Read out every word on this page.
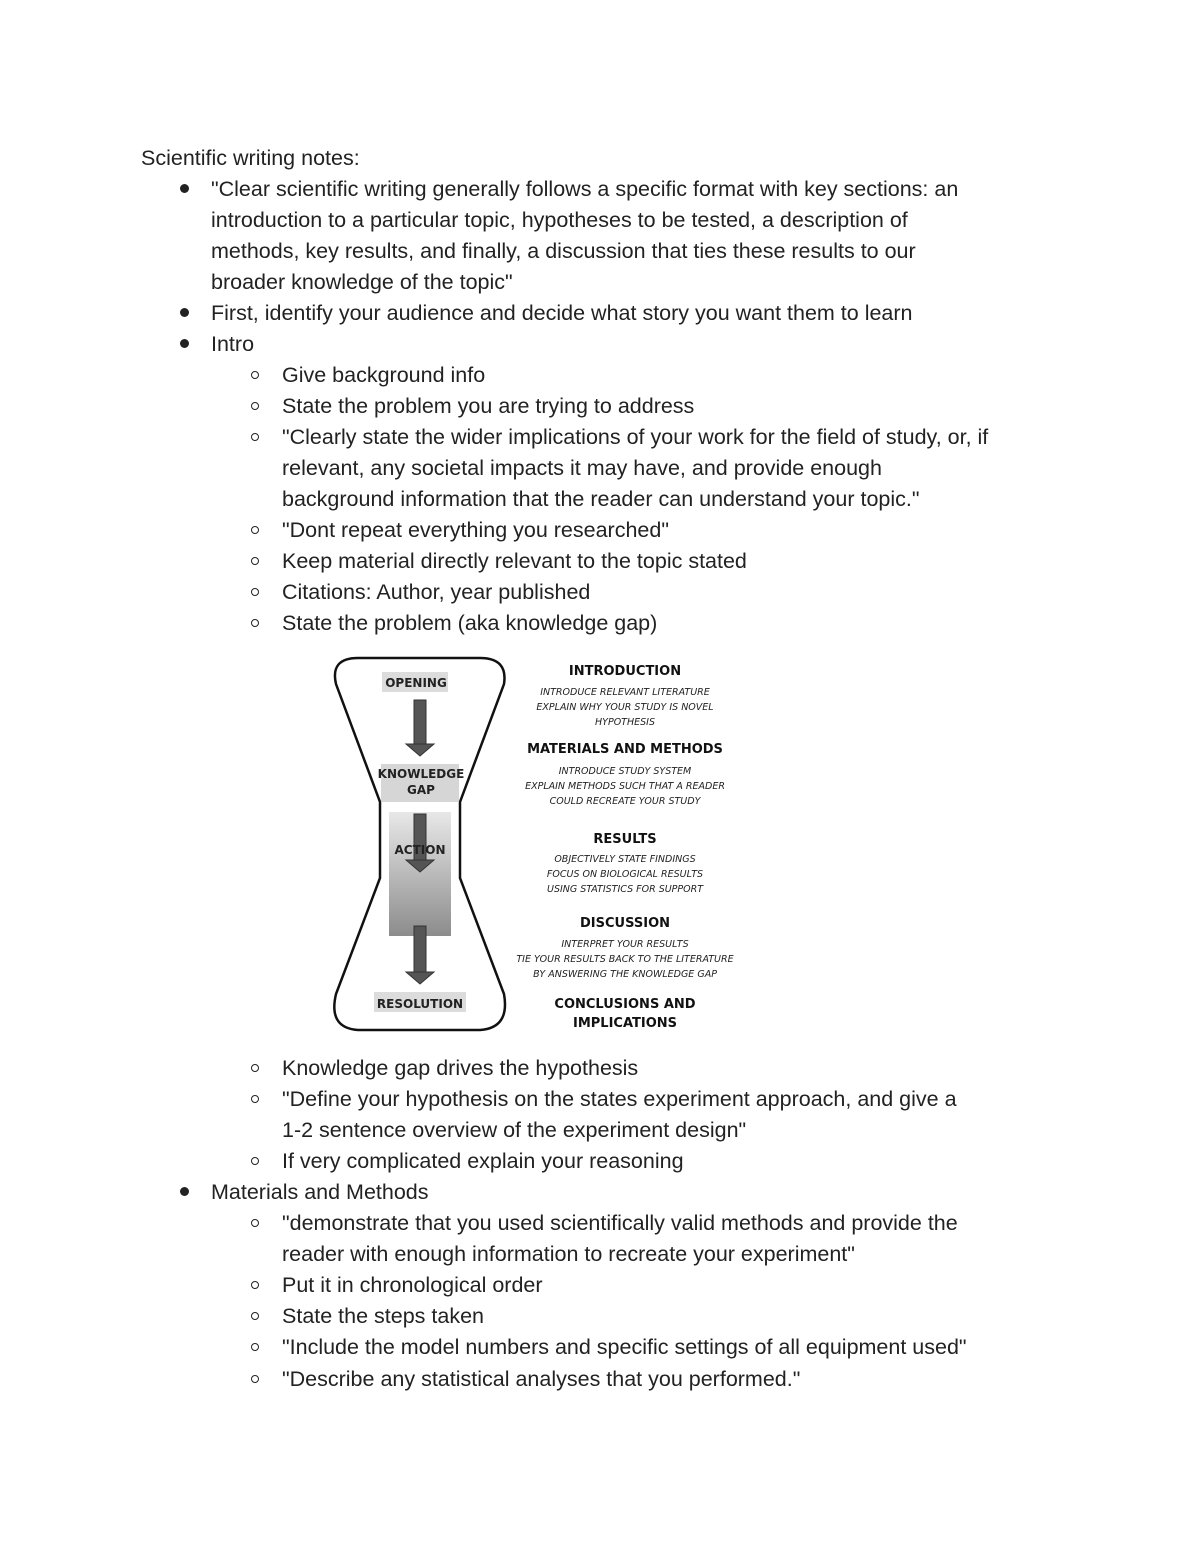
Scientific writing notes:
"Clear scientific writing generally follows a specific format with key sections: an
introduction to a particular topic, hypotheses to be tested, a description of
methods, key results, and finally, a discussion that ties these results to our
broader knowledge of the topic"
First, identify your audience and decide what story you want them to learn
Intro
Give background info
State the problem you are trying to address
"Clearly state the wider implications of your work for the field of study, or, if
relevant, any societal impacts it may have, and provide enough
background information that the reader can understand your topic."
"Dont repeat everything you researched"
Keep material directly relevant to the topic stated
Citations: Author, year published
State the problem (aka knowledge gap)
OPENING
KNOWLEDGE
GAP
ACTION
RESOLUTION
INTRODUCTION
INTRODUCE RELEVANT LITERATURE
EXPLAIN WHY YOUR STUDY IS NOVEL
HYPOTHESIS
MATERIALS AND METHODS
INTRODUCE STUDY SYSTEM
EXPLAIN METHODS SUCH THAT A READER
COULD RECREATE YOUR STUDY
RESULTS
OBJECTIVELY STATE FINDINGS
FOCUS ON BIOLOGICAL RESULTS
USING STATISTICS FOR SUPPORT
DISCUSSION
INTERPRET YOUR RESULTS
TIE YOUR RESULTS BACK TO THE LITERATURE
BY ANSWERING THE KNOWLEDGE GAP
CONCLUSIONS AND
IMPLICATIONS
Knowledge gap drives the hypothesis
"Define your hypothesis on the states experiment approach, and give a
1-2 sentence overview of the experiment design"
If very complicated explain your reasoning
Materials and Methods
"demonstrate that you used scientifically valid methods and provide the
reader with enough information to recreate your experiment"
Put it in chronological order
State the steps taken
"Include the model numbers and specific settings of all equipment used"
"Describe any statistical analyses that you performed."
